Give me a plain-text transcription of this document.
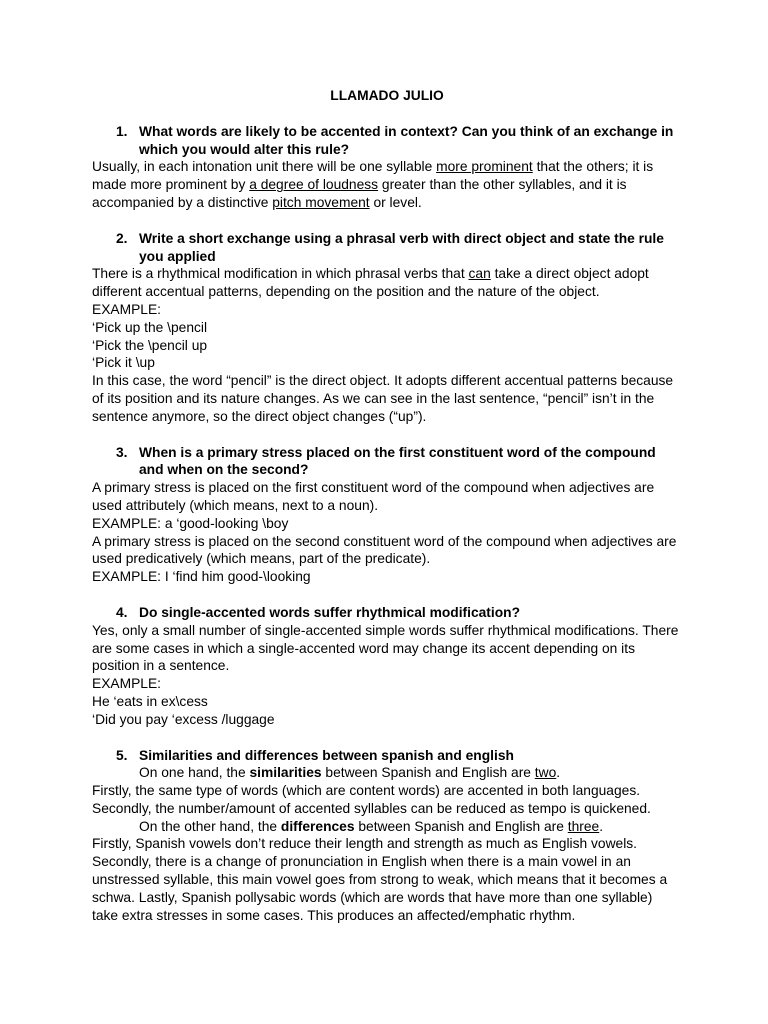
LLAMADO JULIO
1. What words are likely to be accented in context? Can you think of an exchange in which you would alter this rule?

Usually, in each intonation unit there will be one syllable more prominent that the others; it is made more prominent by a degree of loudness greater than the other syllables, and it is accompanied by a distinctive pitch movement or level.

2. Write a short exchange using a phrasal verb with direct object and state the rule you applied

There is a rhythmical modification in which phrasal verbs that can take a direct object adopt different accentual patterns, depending on the position and the nature of the object.

EXAMPLE:

‘Pick up the \pencil

‘Pick the \pencil up

‘Pick it \up

In this case, the word “pencil” is the direct object. It adopts different accentual patterns because of its position and its nature changes. As we can see in the last sentence, “pencil” isn’t in the sentence anymore, so the direct object changes (“up”).

3. When is a primary stress placed on the first constituent word of the compound and when on the second?

A primary stress is placed on the first constituent word of the compound when adjectives are used attributely (which means, next to a noun).

EXAMPLE: a ‘good-looking \boy

A primary stress is placed on the second constituent word of the compound when adjectives are used predicatively (which means, part of the predicate).

EXAMPLE: I ‘find him good-\looking

4. Do single-accented words suffer rhythmical modification?

Yes, only a small number of single-accented simple words suffer rhythmical modifications. There are some cases in which a single-accented word may change its accent depending on its position in a sentence.

EXAMPLE:

He ‘eats in ex\cess

‘Did you pay ‘excess /luggage

5. Similarities and differences between spanish and english

On one hand, the similarities between Spanish and English are two.

Firstly, the same type of words (which are content words) are accented in both languages.

Secondly, the number/amount of accented syllables can be reduced as tempo is quickened.

On the other hand, the differences between Spanish and English are three.

Firstly, Spanish vowels don’t reduce their length and strength as much as English vowels.

Secondly, there is a change of pronunciation in English when there is a main vowel in an unstressed syllable, this main vowel goes from strong to weak, which means that it becomes a schwa. Lastly, Spanish pollysabic words (which are words that have more than one syllable) take extra stresses in some cases. This produces an affected/emphatic rhythm.
